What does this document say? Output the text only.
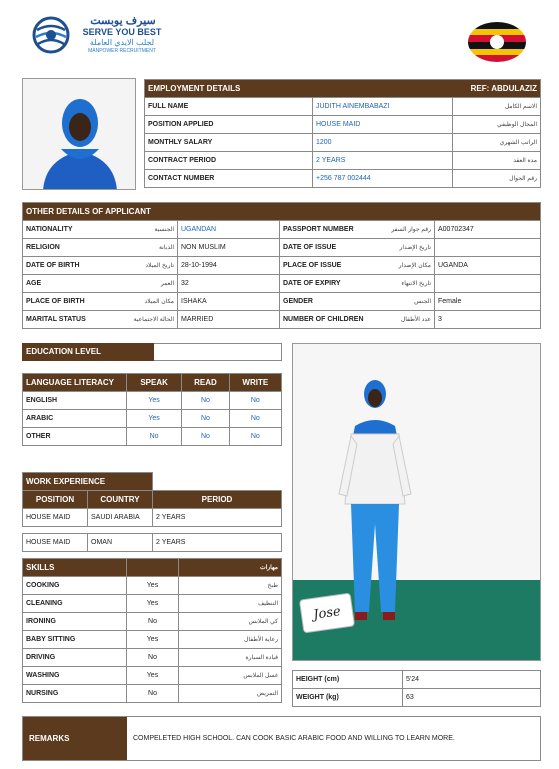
سيرف يوبست
SERVE YOU BEST
لجلب الايدي العاملة
MANPOWER RECRUITMENT
EMPLOYMENT DETAILS		REF: ABDULAZIZ
FULL NAME	JUDITH AINEMBABAZI	الاسم الكامل
POSITION APPLIED	HOUSE MAID	المجال الوظيفي
MONTHLY SALARY	1200	الراتب الشهري
CONTRACT PERIOD	2 YEARS	مدة العقد
CONTACT NUMBER	+256 787 002444	رقم الجوال
OTHER DETAILS OF APPLICANT					
NATIONALITY	الجنسية	UGANDAN	PASSPORT NUMBER	رقم جواز السفر	A00702347
RELIGION	الديانة	NON MUSLIM	DATE OF ISSUE	تاريخ الإصدار	
DATE OF BIRTH	تاريخ الميلاد	28-10-1994	PLACE OF ISSUE	مكان الإصدار	UGANDA
AGE	العمر	32	DATE OF EXPIRY	تاريخ الانتهاء	
PLACE OF BIRTH	مكان الميلاد	ISHAKA	GENDER	الجنس	Female
MARITAL STATUS	الحالة الاجتماعية	MARRIED	NUMBER OF CHILDREN	عدد الأطفال	3
EDUCATION LEVEL
LANGUAGE LITERACY	SPEAK	READ	WRITE
ENGLISH	Yes	No	No
ARABIC	Yes	No	No
OTHER	No	No	No
WORK EXPERIENCE		
POSITION	COUNTRY	PERIOD
HOUSE MAID	SAUDI ARABIA	2 YEARS
HOUSE MAID	OMAN	2 YEARS
SKILLS		مهارات
COOKING	Yes	طبخ
CLEANING	Yes	التنظيف
IRONING	No	كي الملابس
BABY SITTING	Yes	رعاية الأطفال
DRIVING	No	قيادة السيارة
WASHING	Yes	غسل الملابس
NURSING	No	التمريض
Jose
HEIGHT (cm)	5'24
WEIGHT (kg)	63
REMARKS	COMPELETED HIGH SCHOOL. CAN COOK BASIC ARABIC FOOD AND WILLING TO LEARN MORE.
